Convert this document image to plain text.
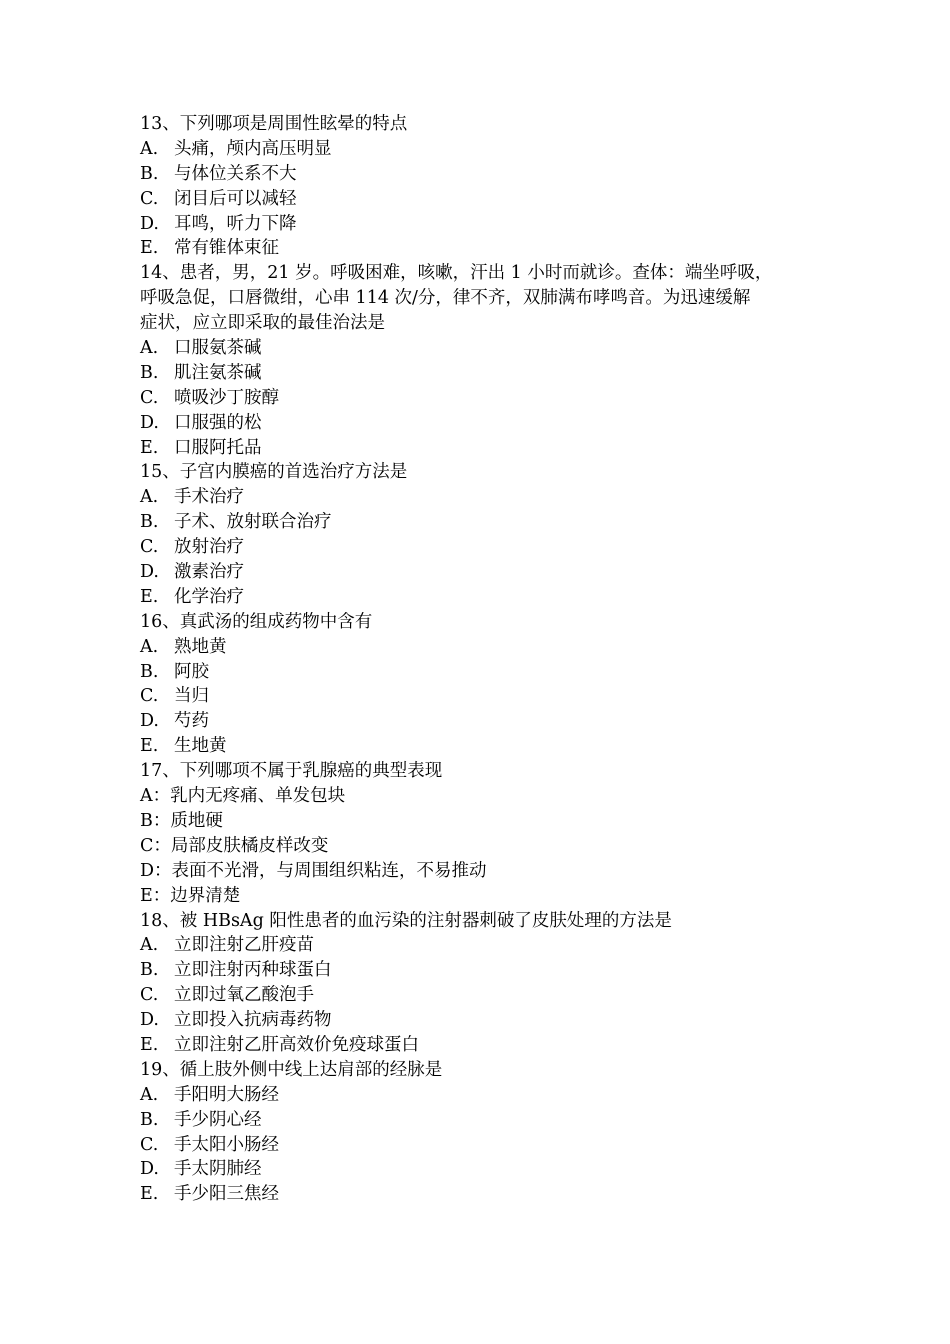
13、下列哪项是周围性眩晕的特点
A. 头痛，颅内高压明显
B. 与体位关系不大
C. 闭目后可以减轻
D. 耳鸣，听力下降
E. 常有锥体束征
14、患者，男，21 岁。呼吸困难，咳嗽，汗出 1 小时而就诊。查体：端坐呼吸，
呼吸急促，口唇微绀，心串 114 次/分，律不齐，双肺满布哮鸣音。为迅速缓解
症状，应立即采取的最佳治法是
A. 口服氨茶碱
B. 肌注氨茶碱
C. 喷吸沙丁胺醇
D. 口服强的松
E. 口服阿托品
15、子宫内膜癌的首选治疗方法是
A. 手术治疗
B. 子术、放射联合治疗
C. 放射治疗
D. 激素治疗
E. 化学治疗
16、真武汤的组成药物中含有
A. 熟地黄
B. 阿胶
C. 当归
D. 芍药
E. 生地黄
17、下列哪项不属于乳腺癌的典型表现
A： 乳内无疼痛、单发包块
B： 质地硬
C： 局部皮肤橘皮样改变
D： 表面不光滑，与周围组织粘连，不易推动
E： 边界清楚
18、被 HBsAg 阳性患者的血污染的注射器刺破了皮肤处理的方法是
A. 立即注射乙肝疫苗
B. 立即注射丙种球蛋白
C. 立即过氧乙酸泡手
D. 立即投入抗病毒药物
E. 立即注射乙肝高效价免疫球蛋白
19、循上肢外侧中线上达肩部的经脉是
A. 手阳明大肠经
B. 手少阴心经
C. 手太阳小肠经
D. 手太阴肺经
E. 手少阳三焦经
